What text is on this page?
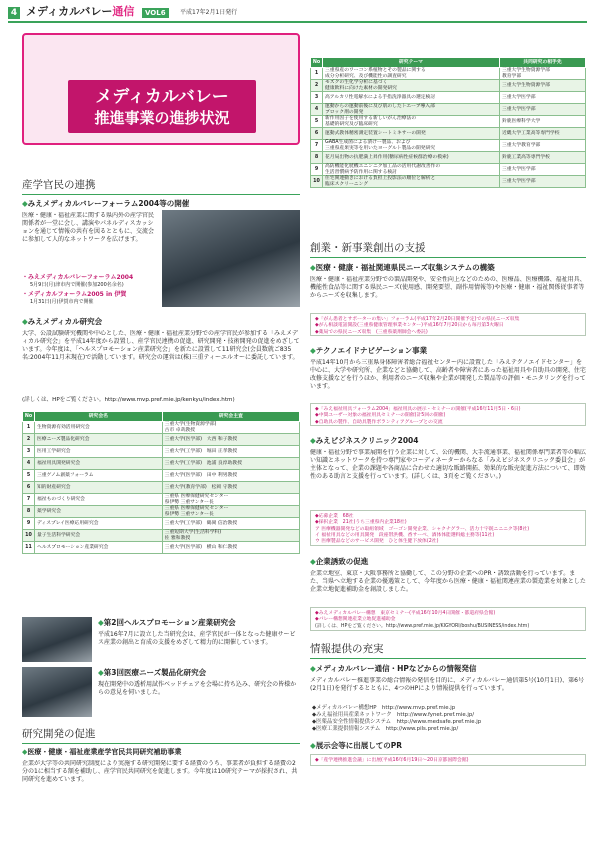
4 メディカルバレー通信	VOL6	平成17年2月1日発行
メディカルバレー
推進事業の進捗状況
産学官民の連携
◆みえメディカルバレーフォーラム2004等の開催
医療・健康・福祉産業に関する県内外の産学官民関係者が一堂に会し、講演やパネルディスカッションを通じて情報の共有を図るとともに、交流会に参加して人的なネットワークを広げます。
・みえメディカルバレーフォーラム2004
5月9日(月)津市内で開催(参加200名余名)
・メディカルフォーラム2005 in 伊賀
1月31日(月)伊賀市内で開催
◆みえメディカル研究会
大学、公設試験研究機関や中心とした、医療・健康・福祉産業分野での産学官民が参加する「みえメディカル研究会」を平成14年度から設置し、産学官民連携の促進、研究開発・技術開発の促進をめざしています。今年度は、「ヘルスプロモーション産業研究会」を新たに設置して11研究会(会員数就ご835名:2004年11月末現在)で活動しています。研究会の運営は(株)三重ティーエルオーに委託しています。
(詳しくは、HPをご覧ください。http://www.mvp.pref.mie.jp/kenkyu/index.htm)
No	研究会名	研究会主査
1	生物資源有効活用研究会	三重大学(生物資源学部)
古市 卓哉教授
2	医療ニーズ製品化研究会	三重大学(医学部)　大西 和子教授
3	医用工学研究会	三重大学(工学部)　堀田 正孝教授
4	福祉用具開発研究会	三重大学(工学部)　池浦 良淳助教授
5	三重ゲノム創薬フォーラム	三重大学(医学部)　田中 利男教授
6	知的財産研究会	三重大学(教育学部)　松岡 守教授
7	福祉ものづくり研究会	三重県 医療保健研究センター
県伊勢 三重サンター長
8	薬学研究会	三重県 医療保健研究センター
県伊勢 三重サンター長
9	ディスプレイ医療応用研究会	三重大学(工学部)　鶴岡 信治教授
10	量子生活科学研究会	三重短期大学(生活科学科)
佐 雅和教授
11	ヘルスプロモーション産業研究会	三重大学(医学部)　横山 和仁教授
◆第2回ヘルスプロモーション産業研究会
平成16年7月に設立した当研究会は、産学官民が一体となった健康サービス産業の創出と育成の支援をめざして精力的に開催しています。
◆第3回医療ニーズ製品化研究会
現在開発中の透析用試作ベッドチェアを会場に持ち込み、研究会の皆様からの意見を伺いました。
研究開発の促進
◆医療・健康・福祉産業産学官民共同研究補助事業
企業が大学等の共同研究制度により実施する研究開発に要する経費のうち、事業者が負担する経費の2分の1に相当する額を補助し、産学官民共同研究を促進します。今年度は10研究テーマが採択され、共同研究を進めています。
No	研究テーマ	共同研究の相手先
1	三重県産のワーコン系植物とその製品に関する
成分分析研究、及び機能性の調査研究	三重大学生物資源学部
教育学部
2	モズクの生化学分析に基づく
健康飲料に向けた素材の開発研究	三重大学生物資源学部
3	高アルカリ性電解水による手指洗浄器具の選定検討	三重大学医学部
4	運動からの運動前後に及び肌のしたトエーブ導入部
ブロック剤の開発	三重大学医学部
5	新作用因子を使用する新しいがん治療法の
基礎的研究及び臨床研究	鈴鹿医療科学大学
6	運動式教体精密測定装置シートミキサーの開発	近畿大学工業高等専門学校
7	GABA生成菌による漬けー製品、および
三重県産果実等を用いたヨーグルト製品の開発研究	三重大学教育学部
8	花月局出物の抗肥満上昇作用(糖尿病性症候群治療の模索)	鈴鹿工業高等専門学校
9	高防機能化胱機エニンニク加工品の活用代謝改善作の
生活習慣病予防作用に関する検討	三重大学医学部
10	住宅関連動きにおける負担上投影法の順位と解析と
臨床スクリーニング	三重大学医学部
創業・新事業創出の支援
◆医療・健康・福祉関連県民ニーズ収集システムの構築
医療・健康・福祉産業分野での製品開発や、安全性向上などのための、医療品、医療機器、福祉用具、機能性食品等に関する県民ニーズ(使用感、開発要望、副作用情報等)や医療・健康・福祉関係従事者等からニーズを収集します。
◆「がん患者とサポーターの集い」フォーラム(平成17年2月20日開催予定)での県民ニーズ収集
◆がん相談電話開設(三重県健康管理事業センター)平成16年7月20日から毎月第3火曜日
◆薬局での県民ニーズ収集　(三重県薬剤師会へ委託)
◆テクノエイドナビゲーション事業
平成14年10月から三重県身体障害者総合福祉センター内に設置した「みえテクノエイドセンター」を中心に、大学や研究所、企業などと協働して、高齢者や障害者にあった福祉用具や自助具の開発、住宅改修支援などを行うほか、利用者のニーズ収集や企業が開発した製品等の評価・モニタリングを行っています。
◆「みえ福祉用具フォーラム2004」福祉用具の展示・セミナーの開催(平成16年11月5日・6日)
◆中間ユーザー対象の福祉用具セミナーの開催(計5回の開催)
◆自助具の製作、自助具製作ボランティアグループとの交流
◆みえビジネスクリニック2004
健康・福祉分野で事業展開を行う企業に対して、公的機関、大手流通事業、福祉関係専門業者等の幅広い知識とネットワークを持つ専門家やコーディネーターからなる「みえビジネスクリニック委員会」が主体となって、企業の課題や各商品に合わせた適切な販路開拓、効果的な販売促進方法について、即効性のある助言と支援を行っています。(詳しくは、3頁をご覧ください。)
◆応募企業　68社
◆採択企業　21社(うち三重県内企業18社)
ア 医療機器開発などの取組領域　ゴーゴン開発企業、シャクナグラー、活力十字既ニニニク等(8社)
イ 福祉用具などの用具開発　段座帯洪機、香サーベ、酒体体能選料総主務等(11社)
ウ 医療製品などのサービス開発　ひと体生健下放体(2社)
◆企業誘致の促進
企業立地室、東京・大阪事務所と協働して、この分野の企業へのPR・誘致活動を行っています。また、当県へ立地する企業の優遇策として、今年度から医療・健康・福祉関連産業の製造業を対象とした企業立地促進補助金を創設しました。
◆みえメディカルバレー構想　東京セミナー(平成16年10月4日開催・都道府県会館)
◆バレー構想関連産業立地促進補助金
(詳しくは、HPをご覧ください。http://www.pref.mie.jp/KIGYORI/boshu/BUSINESS/index.htm)
情報提供の充実
◆メディカルバレー通信・HPなどからの情報発信
メディカルバレー推進事業の総合情報の発信を目的に、メディカルバレー通信第5号(10月1日)、第6号(2月1日)を発行するとともに、4つのHPにより情報提供を行っています。
◆メディカルバレー構想HP　http://www.mvp.pref.mie.jp
◆みえ福祉用具産業ネットワーク　http://www.fynet.pref.mie.jp/
◆医薬品安全性情報提供システム　http://www.medsafe.pref.mie.jp
◆医療工業提供情報システム　http://www.pils.pref.mie.jp/
◆展示会等に出展してのPR
◆「産学連携推進会議」に出展(平成16年6月19日〜20日京都国際会館)
